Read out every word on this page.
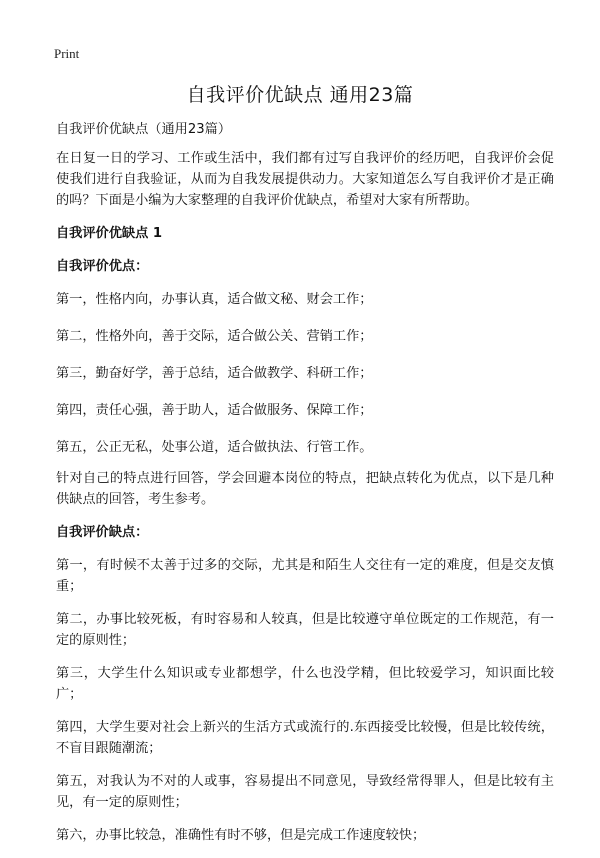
Print
自我评价优缺点 通用23篇
自我评价优缺点（通用23篇）
在日复一日的学习、工作或生活中，我们都有过写自我评价的经历吧，自我评价会促使我们进行自我验证，从而为自我发展提供动力。大家知道怎么写自我评价才是正确的吗？下面是小编为大家整理的自我评价优缺点，希望对大家有所帮助。
自我评价优缺点 1
自我评价优点：
第一，性格内向，办事认真，适合做文秘、财会工作；
第二，性格外向，善于交际，适合做公关、营销工作；
第三，勤奋好学，善于总结，适合做教学、科研工作；
第四，责任心强，善于助人，适合做服务、保障工作；
第五，公正无私，处事公道，适合做执法、行管工作。
针对自己的特点进行回答，学会回避本岗位的特点，把缺点转化为优点，以下是几种供缺点的回答，考生参考。
自我评价缺点：
第一，有时候不太善于过多的交际，尤其是和陌生人交往有一定的难度，但是交友慎重；
第二，办事比较死板，有时容易和人较真，但是比较遵守单位既定的工作规范，有一定的原则性；
第三，大学生什么知识或专业都想学，什么也没学精，但比较爱学习，知识面比较广；
第四，大学生要对社会上新兴的生活方式或流行的.东西接受比较慢，但是比较传统，不盲目跟随潮流；
第五，对我认为不对的人或事，容易提出不同意见，导致经常得罪人，但是比较有主见，有一定的原则性；
第六，办事比较急，准确性有时不够，但是完成工作速度较快；
